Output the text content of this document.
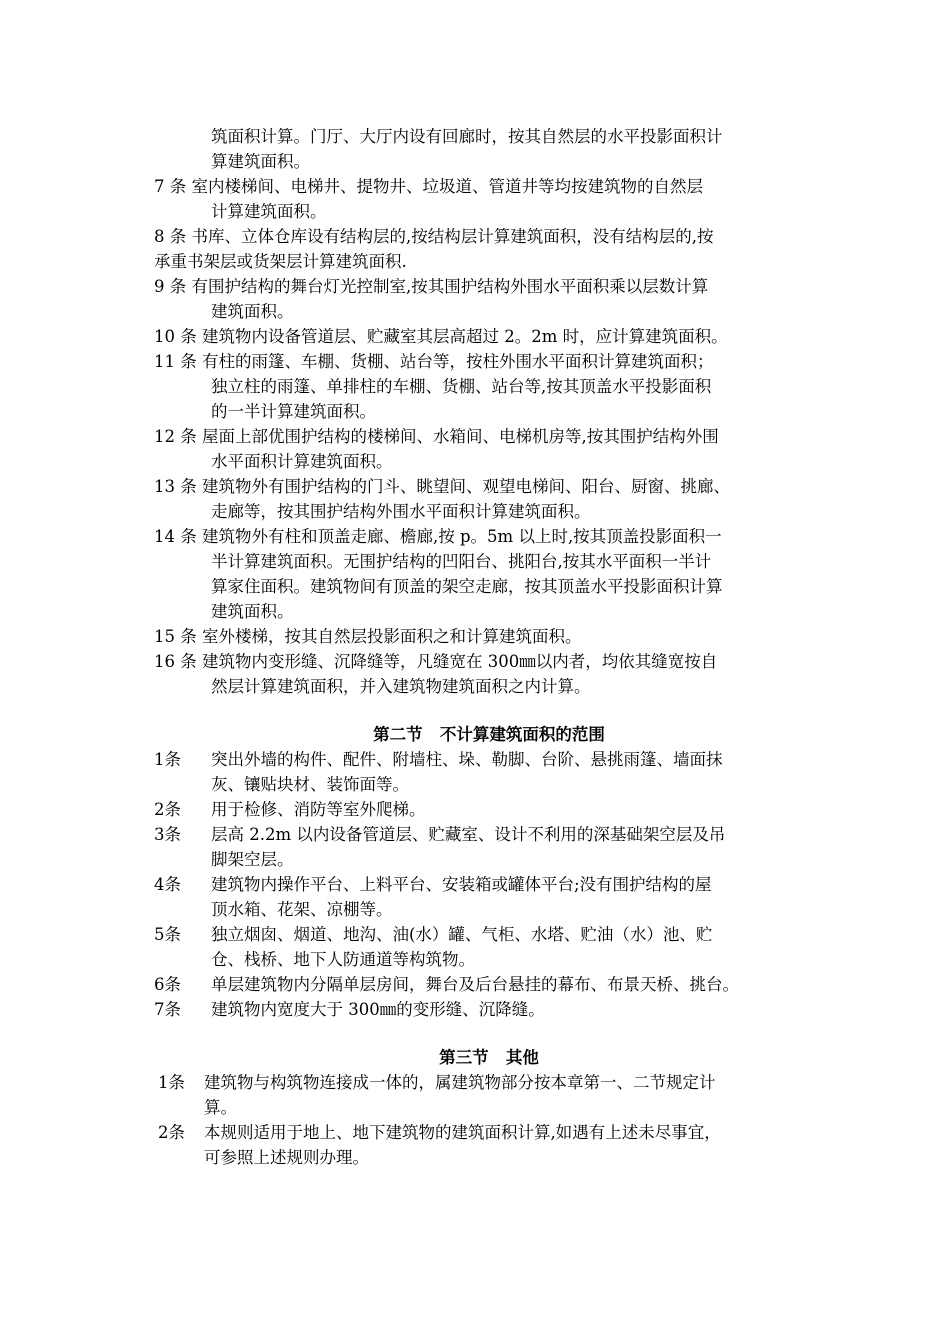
筑面积计算。门厅、大厅内设有回廊时，按其自然层的水平投影面积计
算建筑面积。
7 条 室内楼梯间、电梯井、提物井、垃圾道、管道井等均按建筑物的自然层
计算建筑面积。
8 条 书库、立体仓库设有结构层的,按结构层计算建筑面积，没有结构层的,按
承重书架层或货架层计算建筑面积.
9 条 有围护结构的舞台灯光控制室,按其围护结构外围水平面积乘以层数计算
建筑面积。
10 条 建筑物内设备管道层、贮藏室其层高超过 2。2m 时，应计算建筑面积。
11 条 有柱的雨篷、车棚、货棚、站台等，按柱外围水平面积计算建筑面积；
独立柱的雨篷、单排柱的车棚、货棚、站台等,按其顶盖水平投影面积
的一半计算建筑面积。
12 条 屋面上部优围护结构的楼梯间、水箱间、电梯机房等,按其围护结构外围
水平面积计算建筑面积。
13 条 建筑物外有围护结构的门斗、眺望间、观望电梯间、阳台、厨窗、挑廊、
走廊等，按其围护结构外围水平面积计算建筑面积。
14 条 建筑物外有柱和顶盖走廊、檐廊,按 p。5m 以上时,按其顶盖投影面积一
半计算建筑面积。无围护结构的凹阳台、挑阳台,按其水平面积一半计
算家住面积。建筑物间有顶盖的架空走廊，按其顶盖水平投影面积计算
建筑面积。
15 条 室外楼梯，按其自然层投影面积之和计算建筑面积。
16 条 建筑物内变形缝、沉降缝等，凡缝宽在 300㎜以内者，均依其缝宽按自
然层计算建筑面积，并入建筑物建筑面积之内计算。
第二节   不计算建筑面积的范围
1条 突出外墙的构件、配件、附墙柱、垛、勒脚、台阶、悬挑雨篷、墙面抹
灰、镶贴块材、装饰面等。
2条 用于检修、消防等室外爬梯。
3条 层高 2.2m 以内设备管道层、贮藏室、设计不利用的深基础架空层及吊
脚架空层。
4条 建筑物内操作平台、上料平台、安装箱或罐体平台;没有围护结构的屋
顶水箱、花架、凉棚等。
5条 独立烟囱、烟道、地沟、油(水）罐、气柜、水塔、贮油（水）池、贮
仓、栈桥、地下人防通道等构筑物。
6条 单层建筑物内分隔单层房间，舞台及后台悬挂的幕布、布景天桥、挑台。
7条 建筑物内宽度大于 300㎜的变形缝、沉降缝。
第三节   其他
1条 建筑物与构筑物连接成一体的，属建筑物部分按本章第一、二节规定计
算。
2条 本规则适用于地上、地下建筑物的建筑面积计算,如遇有上述未尽事宜，
可参照上述规则办理。
